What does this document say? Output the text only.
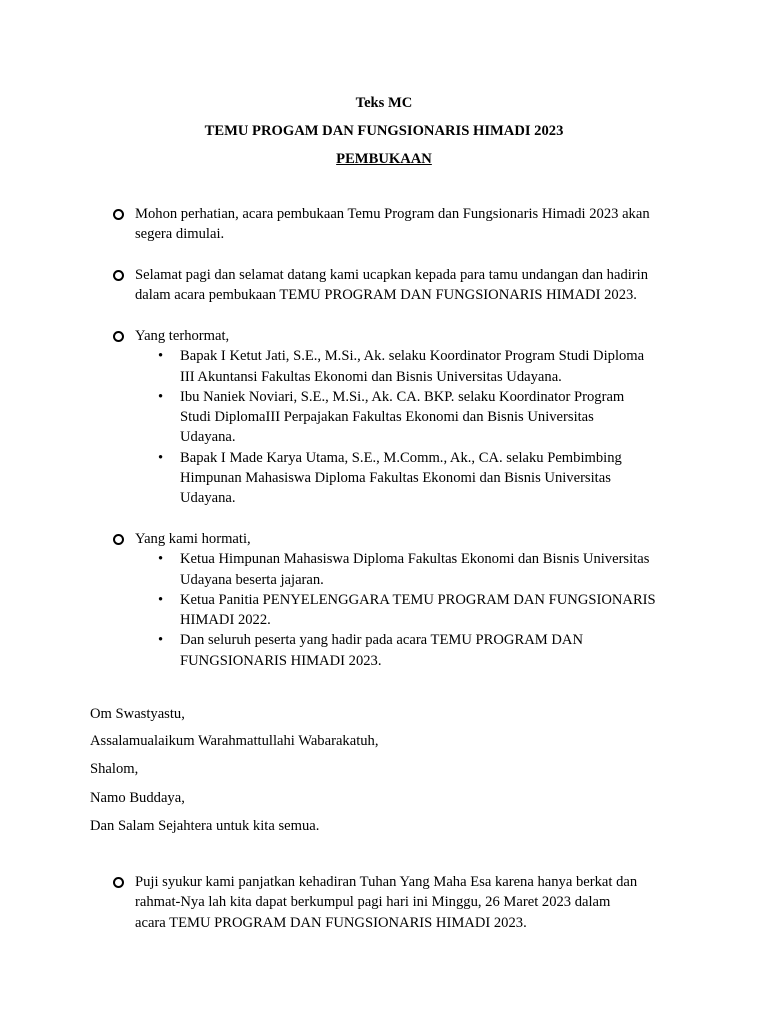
Teks MC
TEMU PROGAM DAN FUNGSIONARIS HIMADI 2023
PEMBUKAAN
Mohon perhatian, acara pembukaan Temu Program dan Fungsionaris Himadi 2023 akan
segera dimulai.
Selamat pagi dan selamat datang kami ucapkan kepada para tamu undangan dan hadirin
dalam acara pembukaan TEMU PROGRAM DAN FUNGSIONARIS HIMADI 2023.
Yang terhormat,
• Bapak I Ketut Jati, S.E., M.Si., Ak. selaku Koordinator Program Studi Diploma
III Akuntansi Fakultas Ekonomi dan Bisnis Universitas Udayana.
• Ibu Naniek Noviari, S.E., M.Si., Ak. CA. BKP. selaku Koordinator Program
Studi DiplomaIII Perpajakan Fakultas Ekonomi dan Bisnis Universitas
Udayana.
• Bapak I Made Karya Utama, S.E., M.Comm., Ak., CA. selaku Pembimbing
Himpunan Mahasiswa Diploma Fakultas Ekonomi dan Bisnis Universitas
Udayana.
Yang kami hormati,
• Ketua Himpunan Mahasiswa Diploma Fakultas Ekonomi dan Bisnis Universitas
Udayana beserta jajaran.
• Ketua Panitia PENYELENGGARA TEMU PROGRAM DAN FUNGSIONARIS
HIMADI 2022.
• Dan seluruh peserta yang hadir pada acara TEMU PROGRAM DAN
FUNGSIONARIS HIMADI 2023.
Om Swastyastu,
Assalamualaikum Warahmattullahi Wabarakatuh,
Shalom,
Namo Buddaya,
Dan Salam Sejahtera untuk kita semua.
Puji syukur kami panjatkan kehadiran Tuhan Yang Maha Esa karena hanya berkat dan
rahmat-Nya lah kita dapat berkumpul pagi hari ini Minggu, 26 Maret 2023 dalam
acara TEMU PROGRAM DAN FUNGSIONARIS HIMADI 2023.
